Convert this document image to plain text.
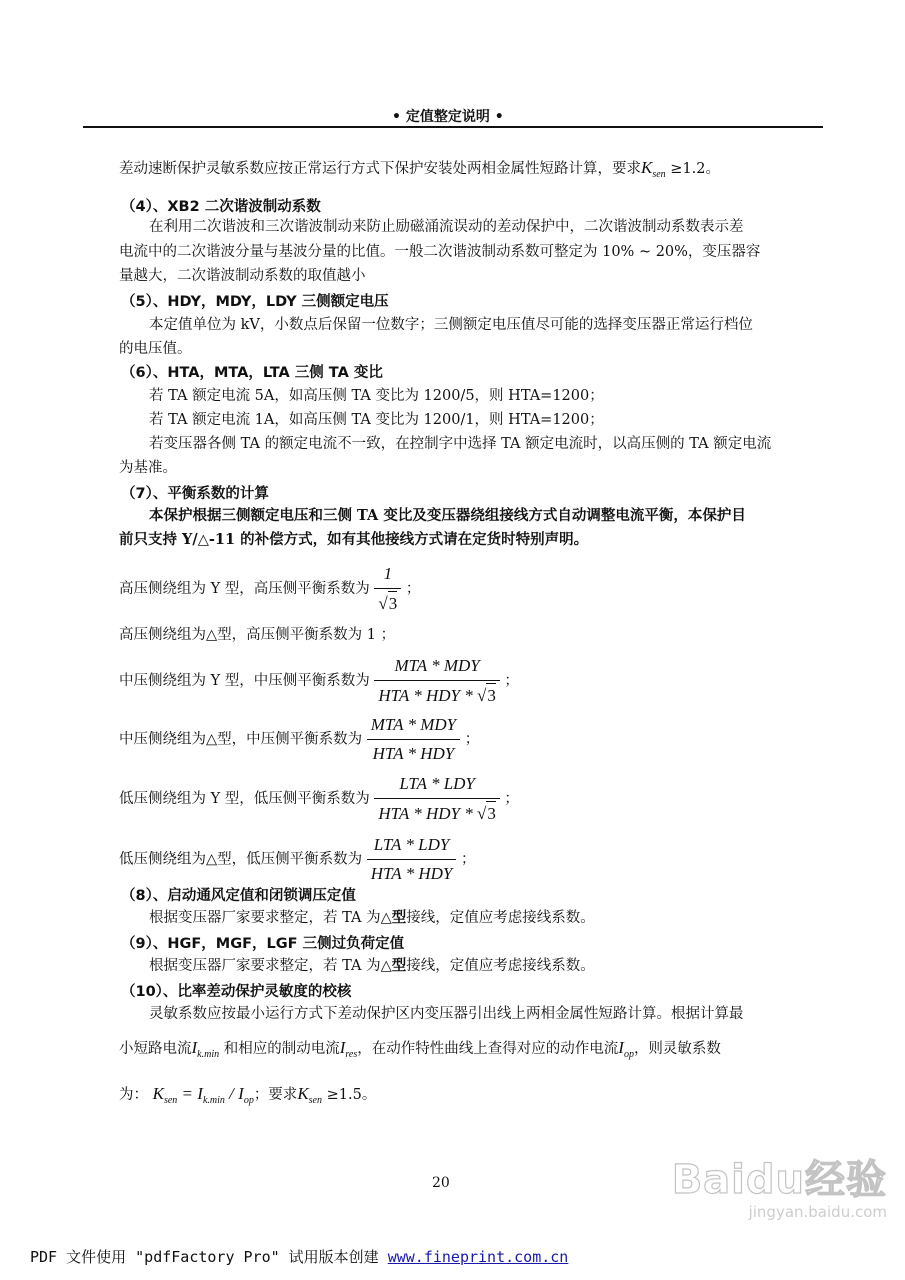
• 定值整定说明 •
差动速断保护灵敏系数应按正常运行方式下保护安装处两相金属性短路计算，要求$K_{sen} \ge 1.2$。
（4）、XB2 二次谐波制动系数
在利用二次谐波和三次谐波制动来防止励磁涌流误动的差动保护中，二次谐波制动系数表示差
电流中的二次谐波分量与基波分量的比值。一般二次谐波制动系数可整定为 10% ~ 20%，变压器容
量越大，二次谐波制动系数的取值越小
（5）、HDY，MDY，LDY 三侧额定电压
本定值单位为 kV，小数点后保留一位数字；三侧额定电压值尽可能的选择变压器正常运行档位
的电压值。
（6）、HTA，MTA，LTA 三侧 TA 变比
若 TA 额定电流 5A，如高压侧 TA 变比为 1200/5，则 HTA=1200；
若 TA 额定电流 1A，如高压侧 TA 变比为 1200/1，则 HTA=1200；
若变压器各侧 TA 的额定电流不一致，在控制字中选择 TA 额定电流时，以高压侧的 TA 额定电流
为基准。
（7）、平衡系数的计算
本保护根据三侧额定电压和三侧 TA 变比及变压器绕组接线方式自动调整电流平衡，本保护目
前只支持 Y/△-11 的补偿方式，如有其他接线方式请在定货时特别声明。
高压侧绕组为 Y 型，高压侧平衡系数为 $\frac{1}{√3}$ ；
高压侧绕组为△型，高压侧平衡系数为 1 ；
中压侧绕组为 Y 型，中压侧平衡系数为 $\frac{\text{MTA * MDY}}{\text{HTA * HDY * √3}}$ ；
中压侧绕组为△型，中压侧平衡系数为 $\frac{\text{MTA * MDY}}{\text{HTA * HDY}}$ ；
低压侧绕组为 Y 型，低压侧平衡系数为 $\frac{\text{LTA * LDY}}{\text{HTA * HDY * √3}}$ ；
低压侧绕组为△型，低压侧平衡系数为 $\frac{\text{LTA * LDY}}{\text{HTA * HDY}}$ ；
（8）、启动通风定值和闭锁调压定值
根据变压器厂家要求整定，若 TA 为△型接线，定值应考虑接线系数。
（9）、HGF，MGF，LGF 三侧过负荷定值
根据变压器厂家要求整定，若 TA 为△型接线，定值应考虑接线系数。
（10）、比率差动保护灵敏度的校核
灵敏系数应按最小运行方式下差动保护区内变压器引出线上两相金属性短路计算。根据计算最
小短路电流$I_{k.min}$ 和相应的制动电流$I_{res}$，在动作特性曲线上查得对应的动作电流$I_{op}$，则灵敏系数
为： $K_{sen} = I_{k.min} / I_{op}$；要求$K_{sen} \ge 1.5$。
20	Baidu经验
jingyan.baidu.com
PDF 文件使用 "pdfFactory Pro" 试用版本创建 www.fineprint.com.cn
